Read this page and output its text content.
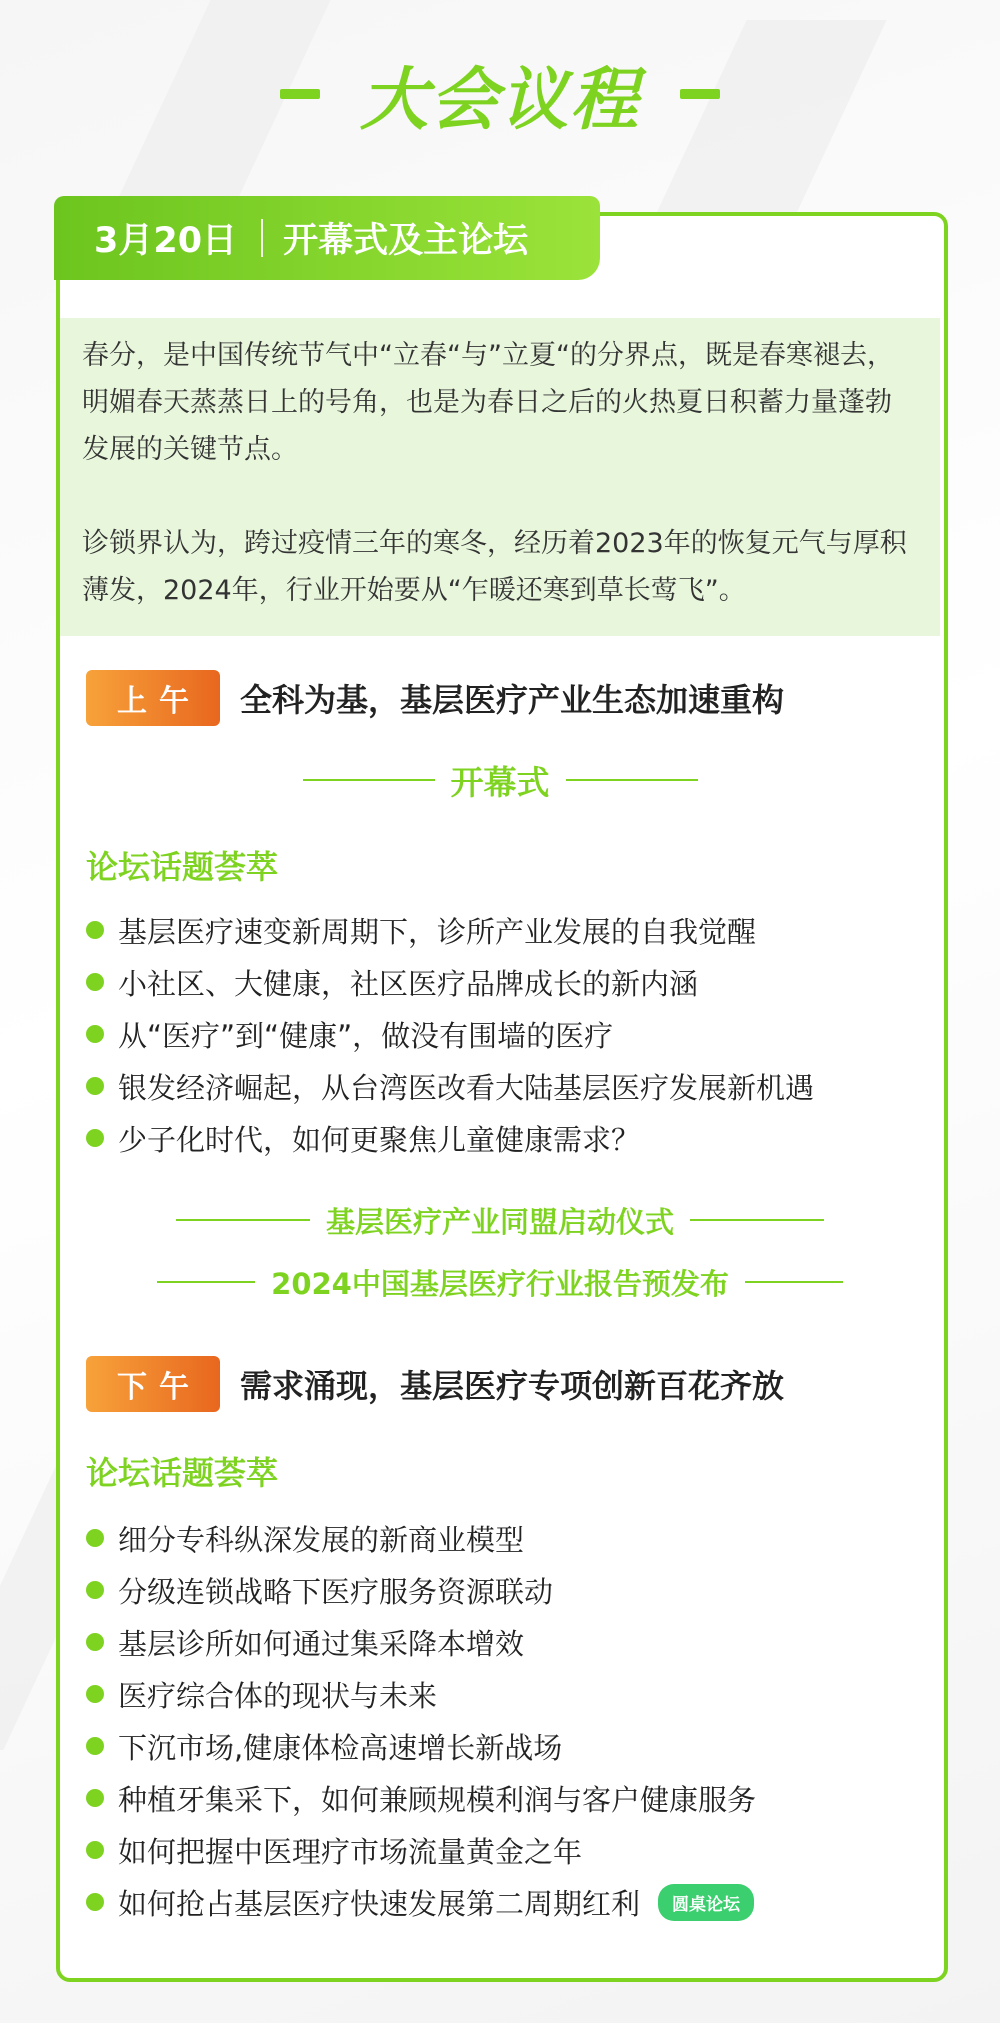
大会议程
3月20日 开幕式及主论坛

春分，是中国传统节气中“立春“与”立夏“的分界点，既是春寒褪去，明媚春天蒸蒸日上的号角，也是为春日之后的火热夏日积蓄力量蓬勃发展的关键节点。

诊锁界认为，跨过疫情三年的寒冬，经历着2023年的恢复元气与厚积薄发，2024年，行业开始要从“乍暖还寒到草长莺飞”。

上午	全科为基，基层医疗产业生态加速重构
开幕式
论坛话题荟萃
基层医疗速变新周期下，诊所产业发展的自我觉醒
小社区、大健康，社区医疗品牌成长的新内涵
从“医疗”到“健康”，做没有围墙的医疗
银发经济崛起，从台湾医改看大陆基层医疗发展新机遇
少子化时代，如何更聚焦儿童健康需求？
基层医疗产业同盟启动仪式
2024中国基层医疗行业报告预发布
下午	需求涌现，基层医疗专项创新百花齐放
论坛话题荟萃
细分专科纵深发展的新商业模型
分级连锁战略下医疗服务资源联动
基层诊所如何通过集采降本增效
医疗综合体的现状与未来
下沉市场,健康体检高速增长新战场
种植牙集采下，如何兼顾规模利润与客户健康服务
如何把握中医理疗市场流量黄金之年
如何抢占基层医疗快速发展第二周期红利	圆桌论坛
